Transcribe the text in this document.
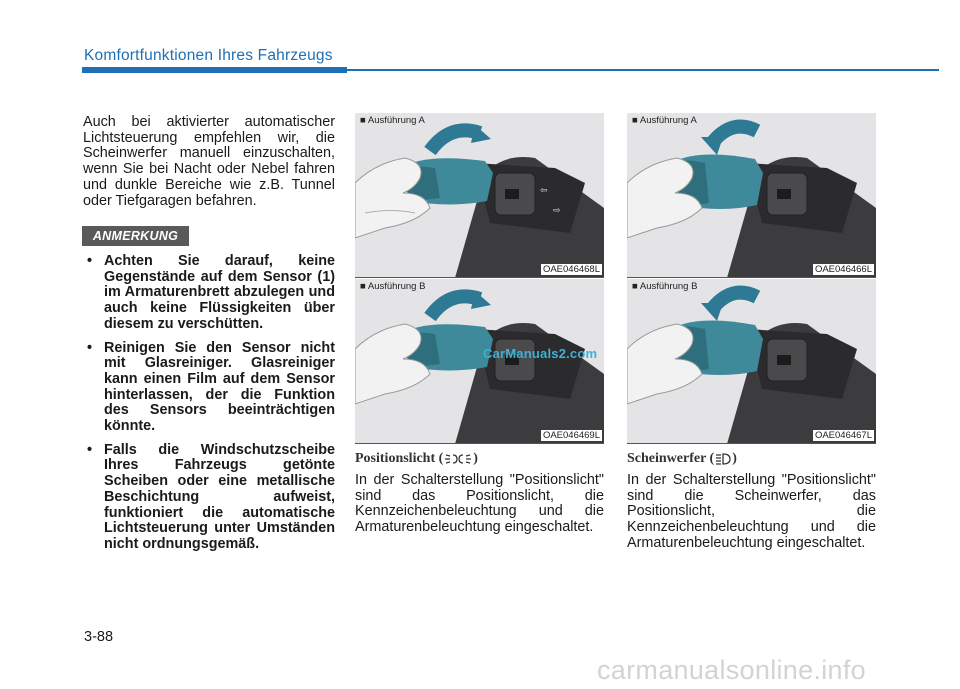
Komfortfunktionen Ihres Fahrzeugs
Auch bei aktivierter automatischer Lichtsteuerung empfehlen wir, die Scheinwerfer manuell einzuschalten, wenn Sie bei Nacht oder Nebel fahren und dunkle Bereiche wie z.B. Tunnel oder Tiefgaragen befahren.
ANMERKUNG
• Achten Sie darauf, keine Gegenstände auf dem Sensor (1) im Armaturenbrett abzulegen und auch keine Flüssigkeiten über diesem zu verschütten.
• Reinigen Sie den Sensor nicht mit Glasreiniger. Glasreiniger kann einen Film auf dem Sensor hinterlassen, der die Funktion des Sensors beeinträchtigen könnte.
• Falls die Windschutzscheibe Ihres Fahrzeugs getönte Scheiben oder eine metallische Beschichtung aufweist, funktioniert die automatische Lichtsteuerung unter Umständen nicht ordnungsgemäß.
⇦
⇨
■ Ausführung A
OAE046468L
■ Ausführung B
OAE046469L
■ Ausführung A
OAE046466L
■ Ausführung B
OAE046467L
Positionslicht ( )
In der Schalterstellung "Positionslicht" sind das Positionslicht, die Kennzeichenbeleuchtung und die Armaturenbeleuchtung eingeschaltet.
Scheinwerfer ( )
In der Schalterstellung "Positionslicht" sind die Scheinwerfer, das Positionslicht, die Kennzeichenbeleuchtung und die Armaturenbeleuchtung eingeschaltet.
CarManuals2.com
3-88
carmanualsonline.info
